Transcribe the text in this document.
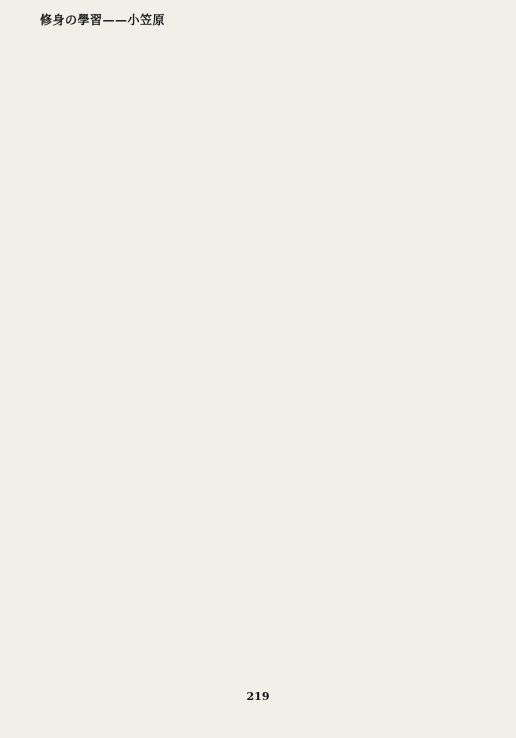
修身の學習——小笠原

219
